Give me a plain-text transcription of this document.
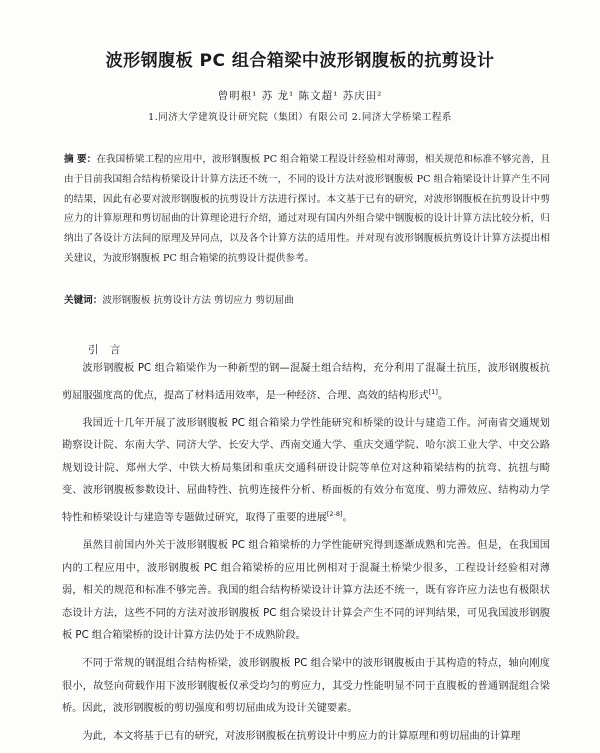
波形钢腹板 PC 组合箱梁中波形钢腹板的抗剪设计
曾明根¹ 苏 龙¹ 陈文超¹ 苏庆田²
1.同济大学建筑设计研究院（集团）有限公司 2.同济大学桥梁工程系
摘 要：在我国桥梁工程的应用中，波形钢腹板 PC 组合箱梁工程设计经验相对薄弱，相关规范和标准不够完善，且由于目前我国组合结构桥梁设计计算方法还不统一，不同的设计方法对波形钢腹板 PC 组合箱梁设计计算产生不同的结果，因此有必要对波形钢腹板的抗剪设计方法进行探讨。本文基于已有的研究，对波形钢腹板在抗剪设计中剪应力的计算原理和剪切屈曲的计算理论进行介绍，通过对现有国内外组合梁中钢腹板的设计计算方法比较分析，归纳出了各设计方法间的原理及异同点，以及各个计算方法的适用性。并对现有波形钢腹板抗剪设计计算方法提出相关建议，为波形钢腹板 PC 组合箱梁的抗剪设计提供参考。
关键词：波形钢腹板 抗剪设计方法 剪切应力 剪切屈曲
引 言

波形钢腹板 PC 组合箱梁作为一种新型的钢—混凝土组合结构，充分利用了混凝土抗压，波形钢腹板抗剪屈服强度高的优点，提高了材料适用效率，是一种经济、合理、高效的结构形式[1]。

我国近十几年开展了波形钢腹板 PC 组合箱梁力学性能研究和桥梁的设计与建造工作。河南省交通规划勘察设计院、东南大学、同济大学、长安大学、西南交通大学、重庆交通学院、哈尔滨工业大学、中交公路规划设计院、郑州大学、中铁大桥局集团和重庆交通科研设计院等单位对这种箱梁结构的抗弯、抗扭与畸变、波形钢腹板参数设计、屈曲特性、抗剪连接件分析、桥面板的有效分布宽度、剪力滞效应、结构动力学特性和桥梁设计与建造等专题做过研究，取得了重要的进展[2-8]。

虽然目前国内外关于波形钢腹板 PC 组合箱梁桥的力学性能研究得到逐渐成熟和完善。但是，在我国国内的工程应用中，波形钢腹板 PC 组合箱梁桥的应用比例相对于混凝土桥梁少很多，工程设计经验相对薄弱，相关的规范和标准不够完善。我国的组合结构桥梁设计计算方法还不统一，既有容许应力法也有极限状态设计方法，这些不同的方法对波形钢腹板 PC 组合梁设计计算会产生不同的评判结果，可见我国波形钢腹板 PC 组合箱梁桥的设计计算方法仍处于不成熟阶段。

不同于常规的钢混组合结构桥梁，波形钢腹板 PC 组合梁中的波形钢腹板由于其构造的特点，轴向刚度很小，故竖向荷载作用下波形钢腹板仅承受均匀的剪应力，其受力性能明显不同于直腹板的普通钢混组合梁桥。因此，波形钢腹板的剪切强度和剪切屈曲成为设计关键要素。

为此，本文将基于已有的研究，对波形钢腹板在抗剪设计中剪应力的计算原理和剪切屈曲的计算理
